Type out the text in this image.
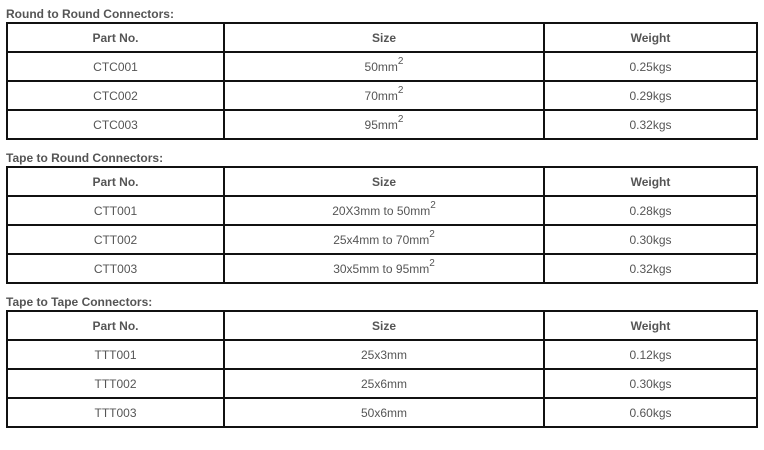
Round to Round Connectors:
Part No.	Size	Weight
CTC001	$50mm^2$	0.25kgs
CTC002	$70mm^2$	0.29kgs
CTC003	$95mm^2$	0.32kgs
Tape to Round Connectors:
Part No.	Size	Weight
CTT001	20X3mm to $50mm^2$	0.28kgs
CTT002	25x4mm to $70mm^2$	0.30kgs
CTT003	30x5mm to $95mm^2$	0.32kgs
Tape to Tape Connectors:
Part No.	Size	Weight
TTT001	25x3mm	0.12kgs
TTT002	25x6mm	0.30kgs
TTT003	50x6mm	0.60kgs
